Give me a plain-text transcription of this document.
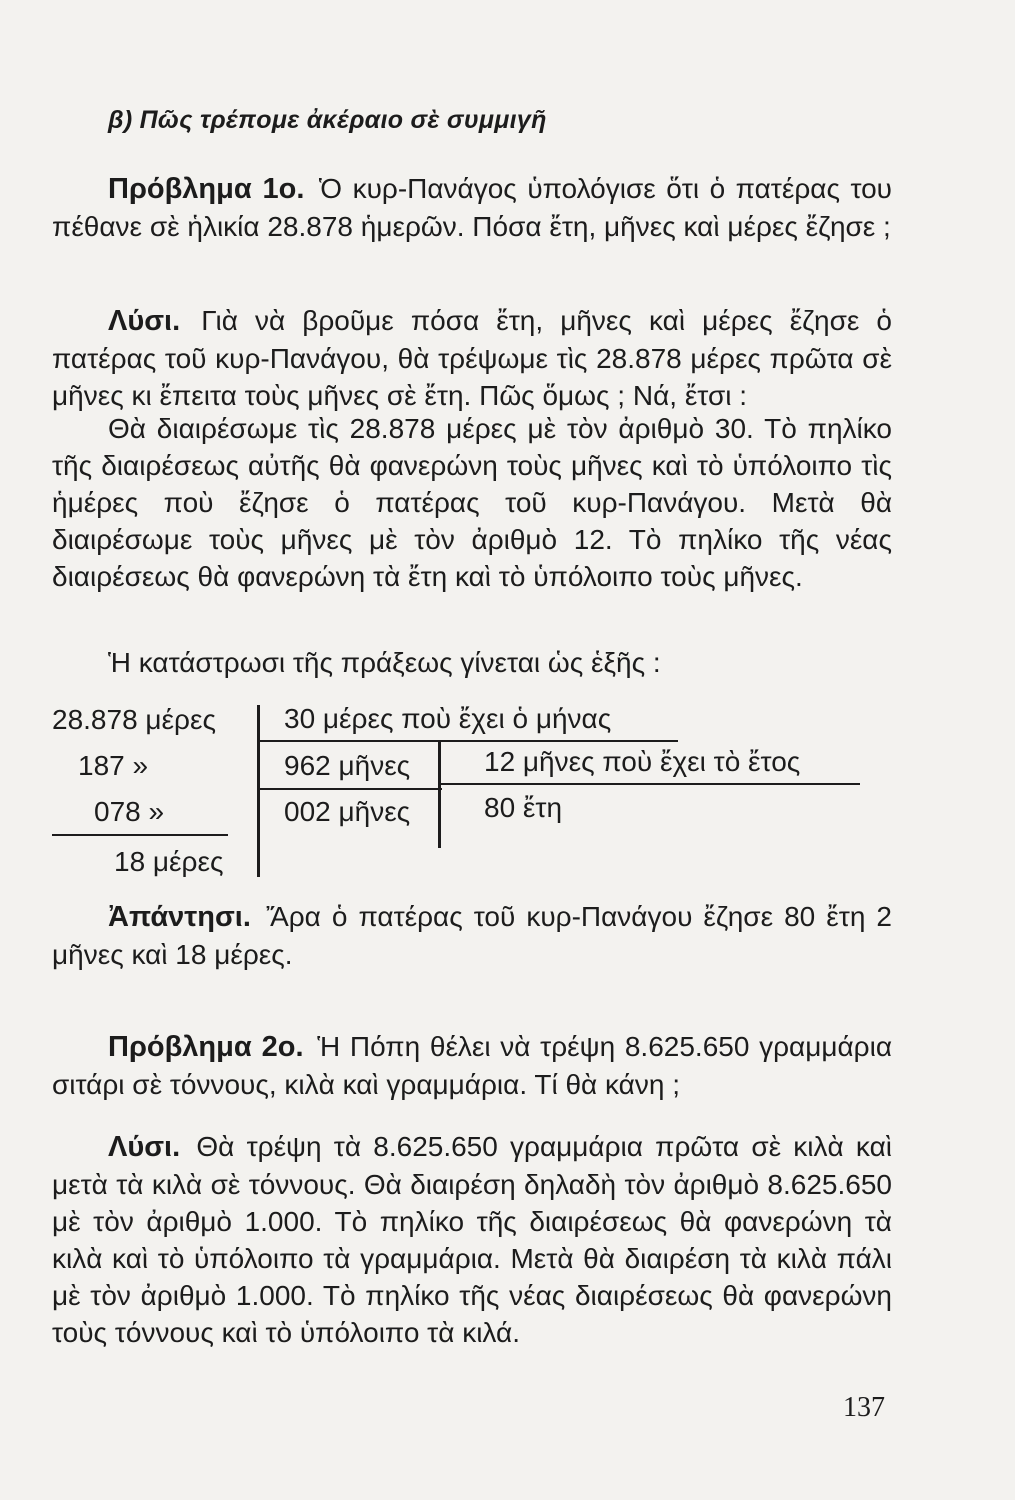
β) Πῶς τρέπομε ἀκέραιο σὲ συμμιγῆ

Πρόβλημα 1ο. Ὁ κυρ-Πανάγος ὑπολόγισε ὅτι ὁ πατέρας του πέθανε σὲ ἡλικία 28.878 ἡμερῶν. Πόσα ἔτη, μῆνες καὶ μέρες ἔζησε ;

Λύσι. Γιὰ νὰ βροῦμε πόσα ἔτη, μῆνες καὶ μέρες ἔζησε ὁ πατέρας τοῦ κυρ-Πανάγου, θὰ τρέψωμε τὶς 28.878 μέρες πρῶτα σὲ μῆνες κι ἔπειτα τοὺς μῆνες σὲ ἔτη. Πῶς ὅμως ; Νά, ἔτσι :

Θὰ διαιρέσωμε τὶς 28.878 μέρες μὲ τὸν ἀριθμὸ 30. Τὸ πηλίκο τῆς διαιρέσεως αὐτῆς θὰ φανερώνη τοὺς μῆνες καὶ τὸ ὑπόλοιπο τὶς ἡμέρες ποὺ ἔζησε ὁ πατέρας τοῦ κυρ-Πανάγου. Μετὰ θὰ διαιρέσωμε τοὺς μῆνες μὲ τὸν ἀριθμὸ 12. Τὸ πηλίκο τῆς νέας διαιρέσεως θὰ φανερώνη τὰ ἔτη καὶ τὸ ὑπόλοιπο τοὺς μῆνες.

Ἡ κατάστρωσι τῆς πράξεως γίνεται ὡς ἑξῆς :

28.878 μέρες
187 »
078 »
18 μέρες
30 μέρες ποὺ ἔχει ὁ μήνας
962 μῆνες
002 μῆνες
12 μῆνες ποὺ ἔχει τὸ ἔτος
80 ἔτη

Ἀπάντησι. Ἄρα ὁ πατέρας τοῦ κυρ-Πανάγου ἔζησε 80 ἔτη 2 μῆνες καὶ 18 μέρες.

Πρόβλημα 2ο. Ἡ Πόπη θέλει νὰ τρέψη 8.625.650 γραμμάρια σιτάρι σὲ τόννους, κιλὰ καὶ γραμμάρια. Τί θὰ κάνη ;

Λύσι. Θὰ τρέψη τὰ 8.625.650 γραμμάρια πρῶτα σὲ κιλὰ καὶ μετὰ τὰ κιλὰ σὲ τόννους. Θὰ διαιρέση δηλαδὴ τὸν ἀριθμὸ 8.625.650 μὲ τὸν ἀριθμὸ 1.000. Τὸ πηλίκο τῆς διαιρέσεως θὰ φανερώνη τὰ κιλὰ καὶ τὸ ὑπόλοιπο τὰ γραμμάρια. Μετὰ θὰ διαιρέση τὰ κιλὰ πάλι μὲ τὸν ἀριθμὸ 1.000. Τὸ πηλίκο τῆς νέας διαιρέσεως θὰ φανερώνη τοὺς τόννους καὶ τὸ ὑπόλοιπο τὰ κιλά.

137
